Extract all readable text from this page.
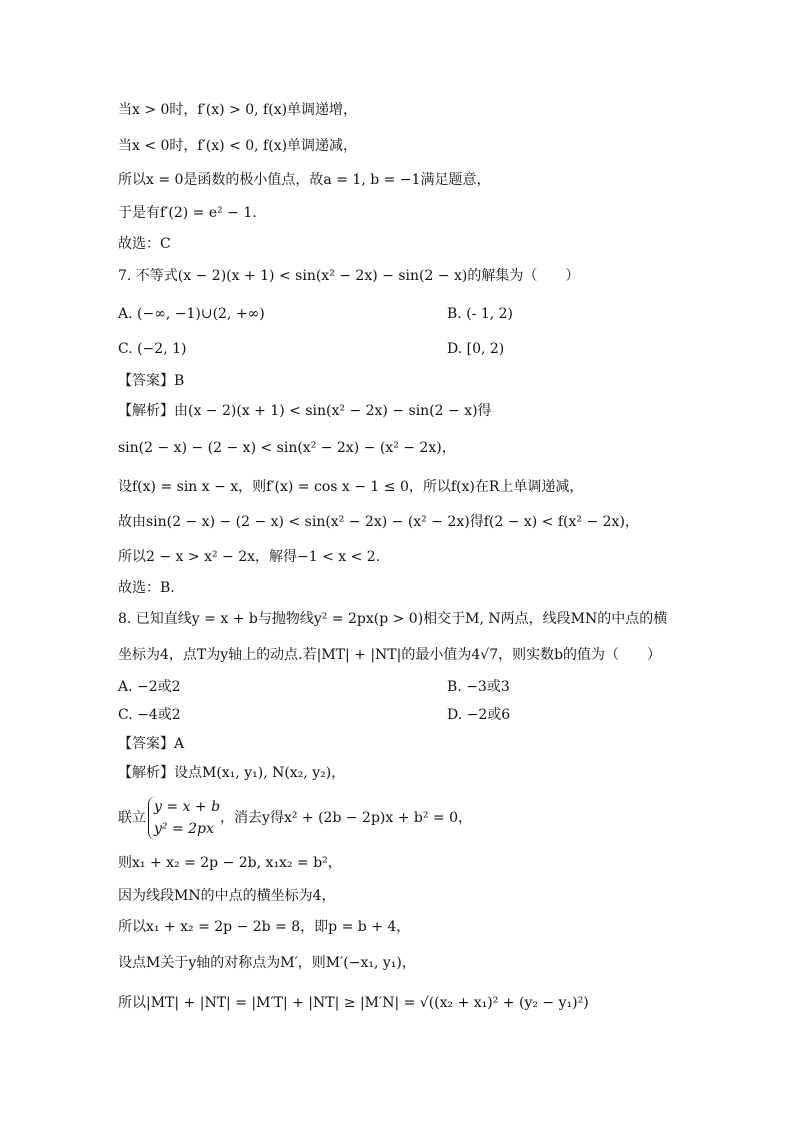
当x > 0时，f′(x) > 0, f(x)单调递增，
当x < 0时，f′(x) < 0, f(x)单调递减，
所以x = 0是函数的极小值点，故a = 1, b = −1满足题意，
于是有f′(2) = e² − 1.
故选：C
7. 不等式(x − 2)(x + 1) < sin(x² − 2x) − sin(2 − x)的解集为（　　）
A. (−∞, −1)∪(2, +∞)	B. (- 1, 2)
C. (−2, 1)	D. [0, 2)
【答案】B
【解析】由(x − 2)(x + 1) < sin(x² − 2x) − sin(2 − x)得
sin(2 − x) − (2 − x) < sin(x² − 2x) − (x² − 2x)，
设f(x) = sin x − x，则f′(x) = cos x − 1 ≤ 0，所以f(x)在R上单调递减，
故由sin(2 − x) − (2 − x) < sin(x² − 2x) − (x² − 2x)得f(2 − x) < f(x² − 2x)，
所以2 − x > x² − 2x，解得−1 < x < 2.
故选：B.
8. 已知直线y = x + b与抛物线y² = 2px(p > 0)相交于M, N两点，线段MN的中点的横
坐标为4，点T为y轴上的动点.若|MT| + |NT|的最小值为4√7，则实数b的值为（　　）
A. −2或2	B. −3或3
C. −4或2	D. −2或6
【答案】A
【解析】设点M(x₁, y₁), N(x₂, y₂)，
联立
y = x + b
y² = 2px
，消去y得x² + (2b − 2p)x + b² = 0，
则x₁ + x₂ = 2p − 2b, x₁x₂ = b²，
因为线段MN的中点的横坐标为4，
所以x₁ + x₂ = 2p − 2b = 8，即p = b + 4，
设点M关于y轴的对称点为M′，则M′(−x₁, y₁)，
所以|MT| + |NT| = |M′T| + |NT| ≥ |M′N| = √((x₂ + x₁)² + (y₂ − y₁)²)
